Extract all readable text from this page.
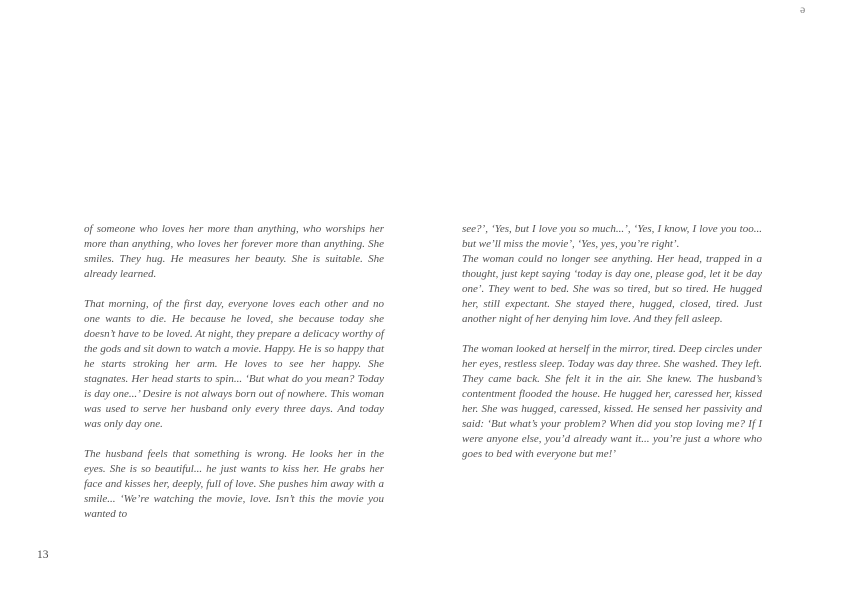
ə

of someone who loves her more than anything, who worships her more than anything, who loves her forever more than anything. She smiles. They hug. He measures her beauty. She is suitable. She already learned.

That morning, of the first day, everyone loves each other and no one wants to die. He because he loved, she because today she doesn’t have to be loved. At night, they prepare a delicacy worthy of the gods and sit down to watch a movie. Happy. He is so happy that he starts stroking her arm. He loves to see her happy. She stagnates. Her head starts to spin... ‘But what do you mean? Today is day one...’ Desire is not always born out of nowhere. This woman was used to serve her husband only every three days. And today was only day one.

The husband feels that something is wrong. He looks her in the eyes. She is so beautiful... he just wants to kiss her. He grabs her face and kisses her, deeply, full of love. She pushes him away with a smile... ‘We’re watching the movie, love. Isn’t this the movie you wanted to

see?’, ‘Yes, but I love you so much...’, ‘Yes, I know, I love you too... but we’ll miss the movie’, ‘Yes, yes, you’re right’.

The woman could no longer see anything. Her head, trapped in a thought, just kept saying ‘today is day one, please god, let it be day one’. They went to bed. She was so tired, but so tired. He hugged her, still expectant. She stayed there, hugged, closed, tired. Just another night of her denying him love. And they fell asleep.

The woman looked at herself in the mirror, tired. Deep circles under her eyes, restless sleep. Today was day three. She washed. They left. They came back. She felt it in the air. She knew. The husband’s contentment flooded the house. He hugged her, caressed her, kissed her. She was hugged, caressed, kissed. He sensed her passivity and said: ‘But what’s your problem? When did you stop loving me? If I were anyone else, you’d already want it... you’re just a whore who goes to bed with everyone but me!’

13
